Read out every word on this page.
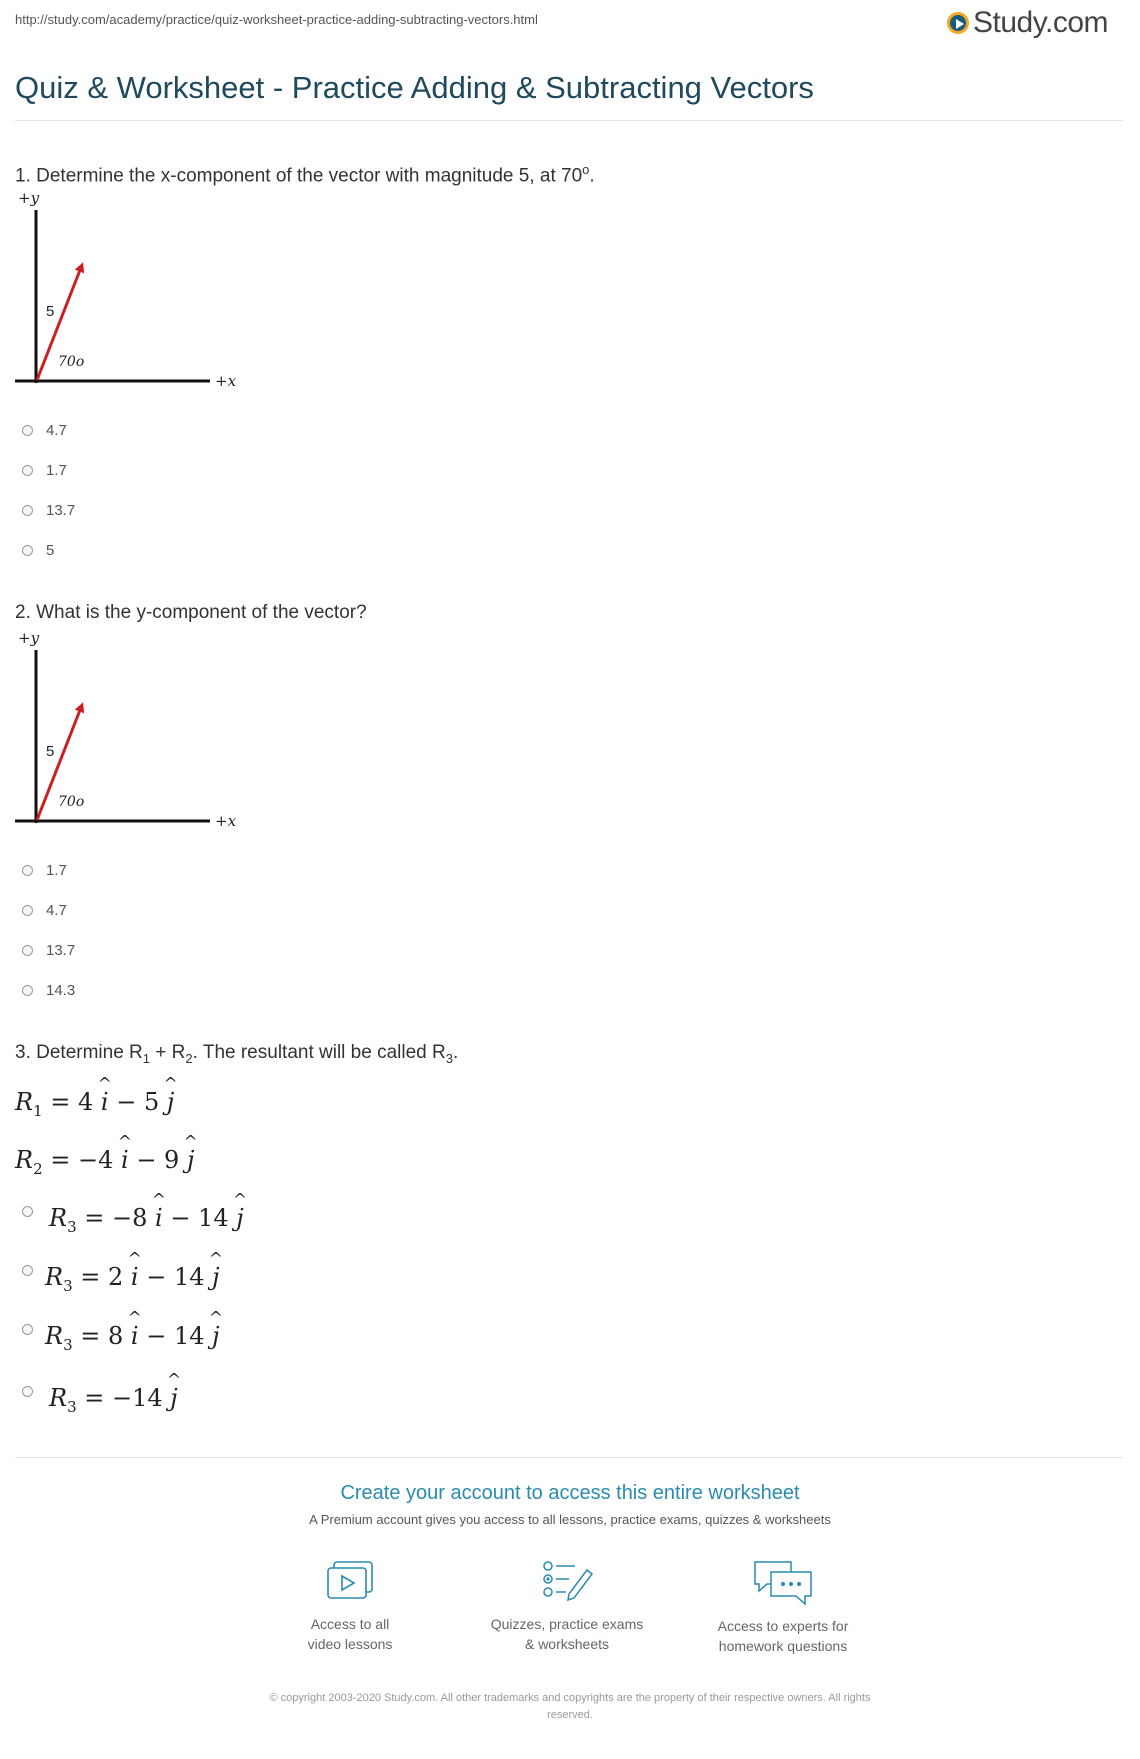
http://study.com/academy/practice/quiz-worksheet-practice-adding-subtracting-vectors.html	Study.com
Quiz & Worksheet - Practice Adding & Subtracting Vectors
1. Determine the x-component of the vector with magnitude 5, at $70^o$.
+y
+x
5
70o
4.7
1.7
13.7
5
2. What is the y-component of the vector?
+y
+x
5
70o
1.7
4.7
13.7
14.3
3. Determine $R_1 + R_2$. The resultant will be called $R_3$.
$R_1 = 4$ ^ i − 5 ^ j
$R_2 = -4$ ^ i − 9 ^ j
$R_3 = -8$ ^ i − 14 ^ j
$R_3 = 2$ ^ i − 14 ^ j
$R_3 = 8$ ^ i − 14 ^ j
$R_3 = -14$ ^ j
Create your account to access this entire worksheet
A Premium account gives you access to all lessons, practice exams, quizzes & worksheets
Access to all
video lessons
Quizzes, practice exams
& worksheets
Access to experts for
homework questions
© copyright 2003-2020 Study.com. All other trademarks and copyrights are the property of their respective owners. All rights
reserved.
